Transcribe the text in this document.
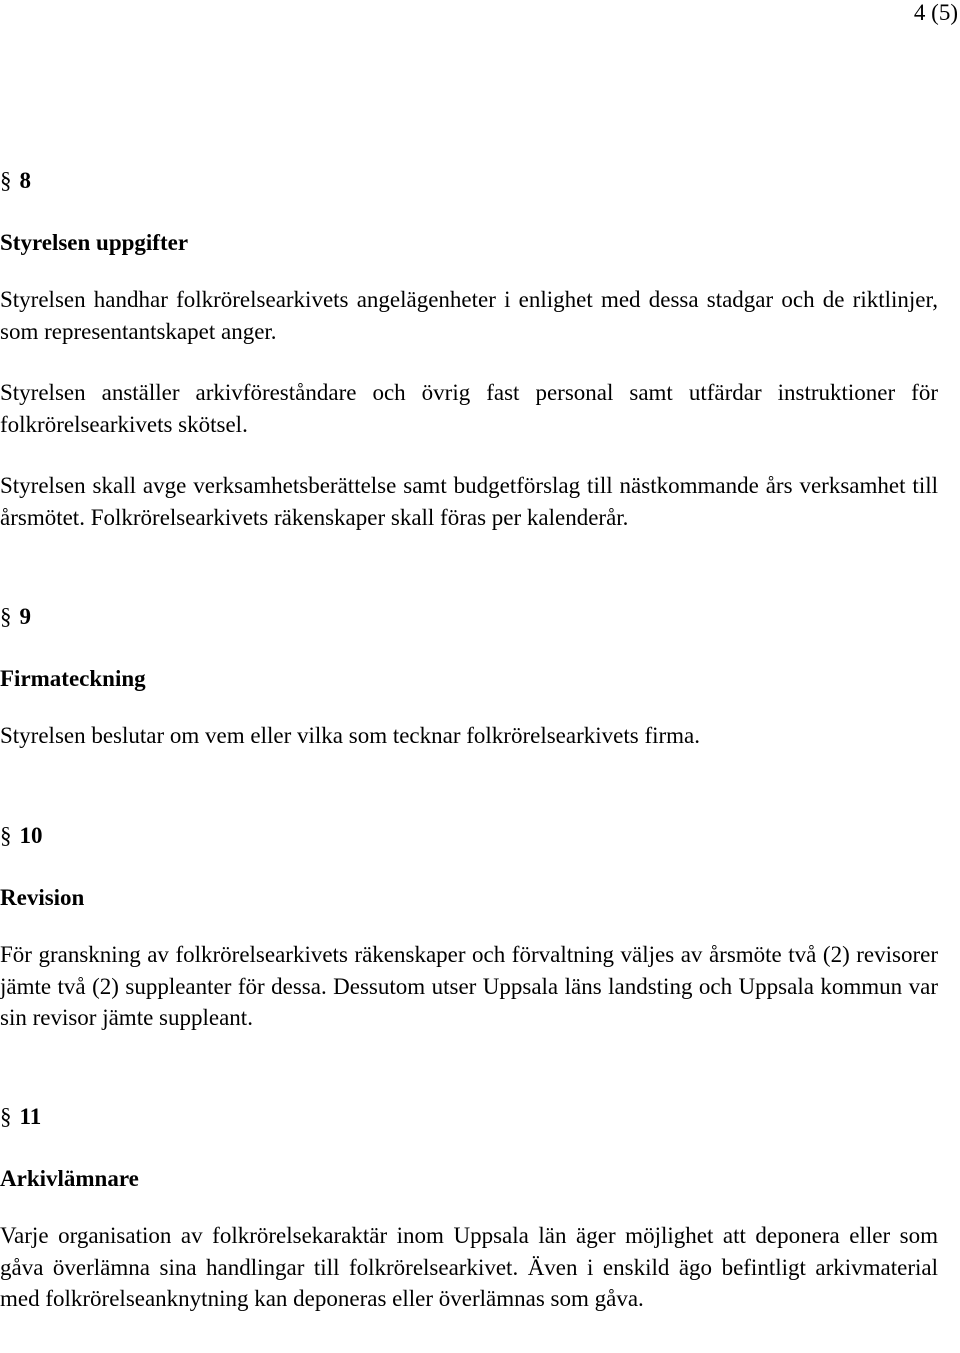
4 (5)

§ 8

Styrelsen uppgifter

Styrelsen handhar folkrörelsearkivets angelägenheter i enlighet med dessa stadgar och de riktlinjer, som representantskapet anger.

Styrelsen anställer arkivföreståndare och övrig fast personal samt utfärdar instruktioner för folkrörelsearkivets skötsel.

Styrelsen skall avge verksamhetsberättelse samt budgetförslag till nästkommande års verksamhet till årsmötet. Folkrörelsearkivets räkenskaper skall föras per kalenderår.

§ 9

Firmateckning

Styrelsen beslutar om vem eller vilka som tecknar folkrörelsearkivets firma.

§ 10

Revision

För granskning av folkrörelsearkivets räkenskaper och förvaltning väljes av årsmöte två (2) revisorer jämte två (2) suppleanter för dessa. Dessutom utser Uppsala läns landsting och Uppsala kommun var sin revisor jämte suppleant.

§ 11

Arkivlämnare

Varje organisation av folkrörelsekaraktär inom Uppsala län äger möjlighet att deponera eller som gåva överlämna sina handlingar till folkrörelsearkivet. Även i enskild ägo befintligt arkivmaterial med folkrörelseanknytning kan deponeras eller överlämnas som gåva.
